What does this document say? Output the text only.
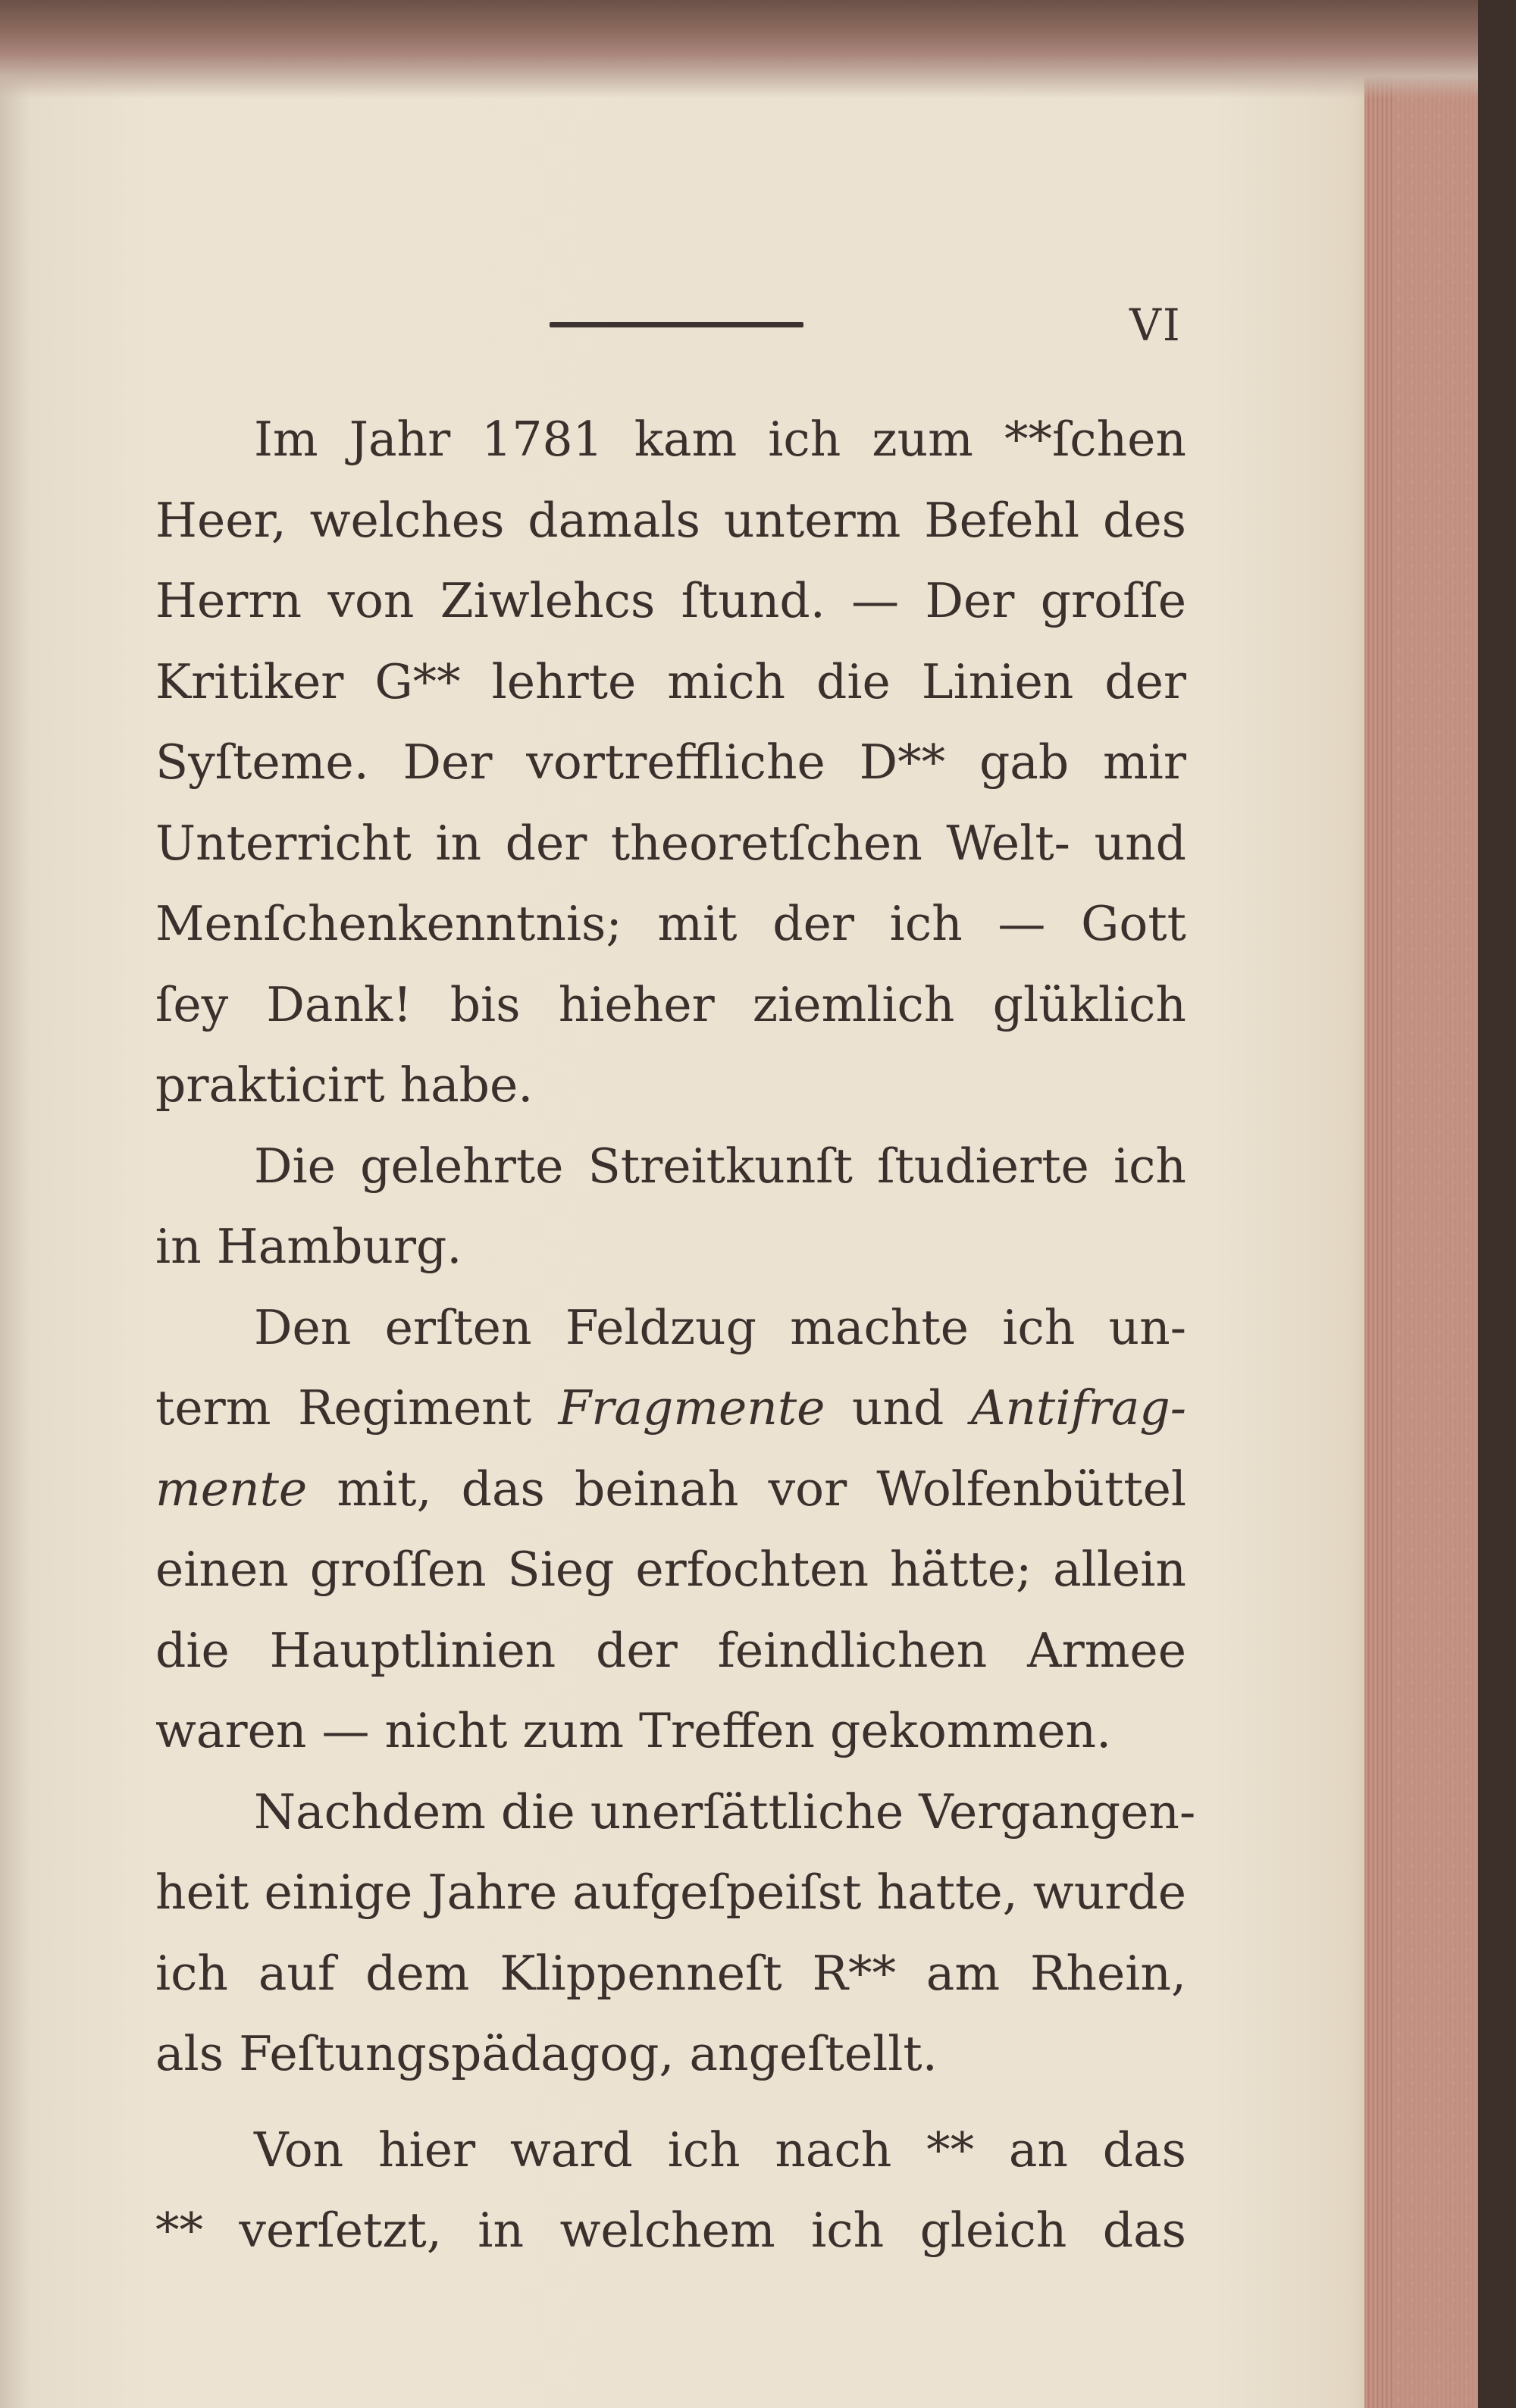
VI
Im Jahr 1781 kam ich zum **ſchen
Heer, welches damals unterm Befehl des
Herrn von Ziwlehcs ſtund. — Der groſſe
Kritiker G** lehrte mich die Linien der
Syſteme. Der vortreffliche D** gab mir
Unterricht in der theoretſchen Welt- und
Menſchenkenntnis; mit der ich — Gott
ſey Dank! bis hieher ziemlich glüklich
prakticirt habe.
Die gelehrte Streitkunſt ſtudierte ich
in Hamburg.
Den erſten Feldzug machte ich un-
term Regiment Fragmente und Antifrag-
mente mit, das beinah vor Wolfenbüttel
einen groſſen Sieg erfochten hätte; allein
die Hauptlinien der feindlichen Armee
waren — nicht zum Treffen gekommen.
Nachdem die unerſättliche Vergangen-
heit einige Jahre aufgeſpeiſst hatte, wurde
ich auf dem Klippenneſt R** am Rhein,
als Feſtungspädagog, angeſtellt.
Von hier ward ich nach ** an das
** verſetzt, in welchem ich gleich das
